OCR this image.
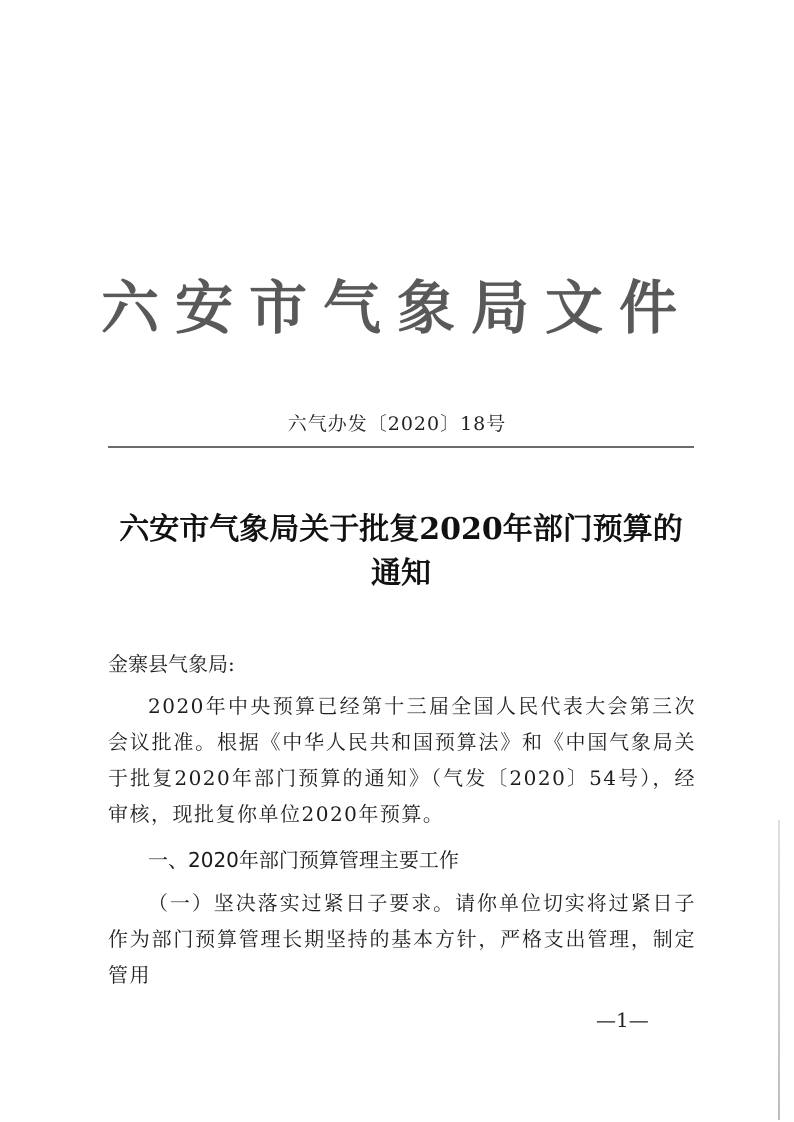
六安市气象局文件
六气办发〔2020〕18号
六安市气象局关于批复2020年部门预算的
通知
金寨县气象局:
2020年中央预算已经第十三届全国人民代表大会第三次会议批准。根据《中华人民共和国预算法》和《中国气象局关于批复2020年部门预算的通知》（气发〔2020〕54号），经审核，现批复你单位2020年预算。
一、2020年部门预算管理主要工作
（一）坚决落实过紧日子要求。请你单位切实将过紧日子作为部门预算管理长期坚持的基本方针，严格支出管理，制定管用
—1—
